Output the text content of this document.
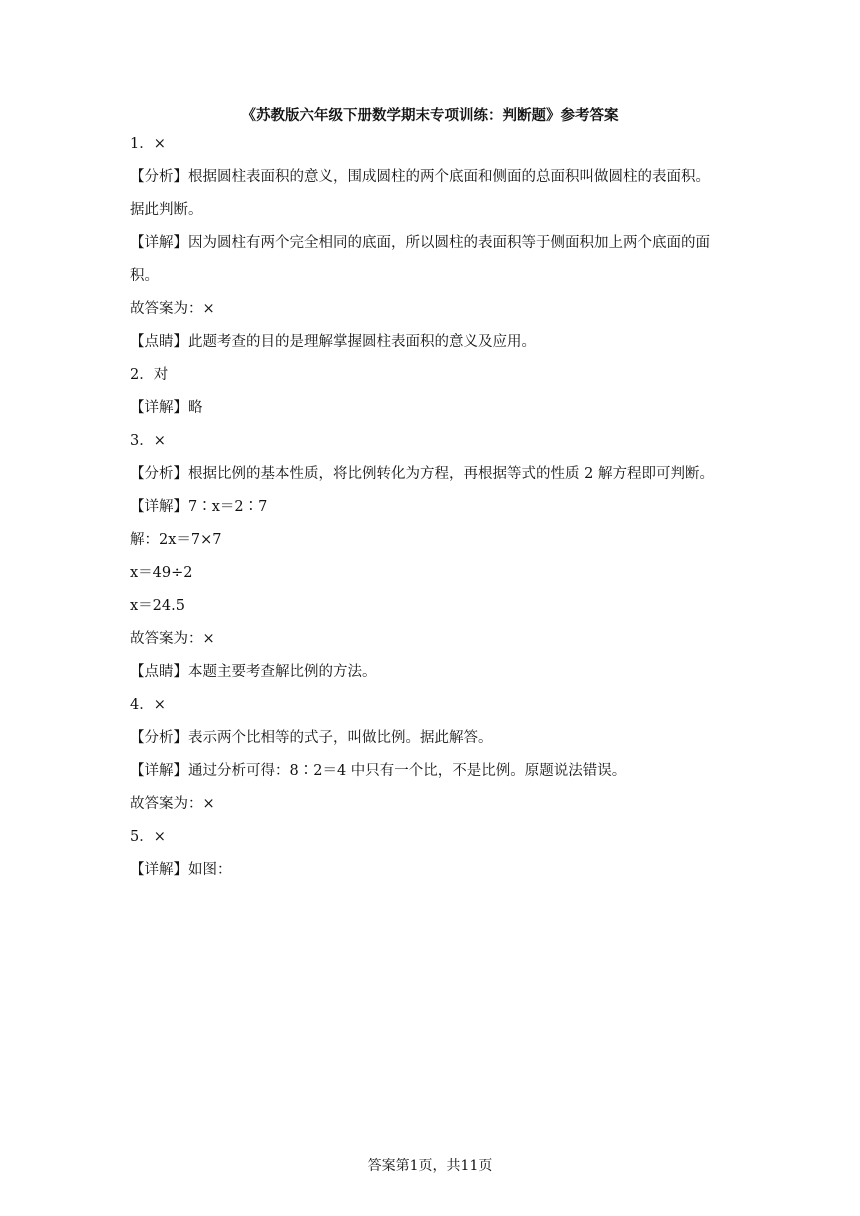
《苏教版六年级下册数学期末专项训练：判断题》参考答案
1．×
【分析】根据圆柱表面积的意义，围成圆柱的两个底面和侧面的总面积叫做圆柱的表面积。
据此判断。
【详解】因为圆柱有两个完全相同的底面，所以圆柱的表面积等于侧面积加上两个底面的面
积。
故答案为：×
【点睛】此题考查的目的是理解掌握圆柱表面积的意义及应用。
2．对
【详解】略
3．×
【分析】根据比例的基本性质，将比例转化为方程，再根据等式的性质 2 解方程即可判断。
【详解】7∶x＝2∶7
解：2x＝7×7
x＝49÷2
x＝24.5
故答案为：×
【点睛】本题主要考查解比例的方法。
4．×
【分析】表示两个比相等的式子，叫做比例。据此解答。
【详解】通过分析可得：8∶2＝4 中只有一个比，不是比例。原题说法错误。
故答案为：×
5．×
【详解】如图：
答案第1页，共11页
